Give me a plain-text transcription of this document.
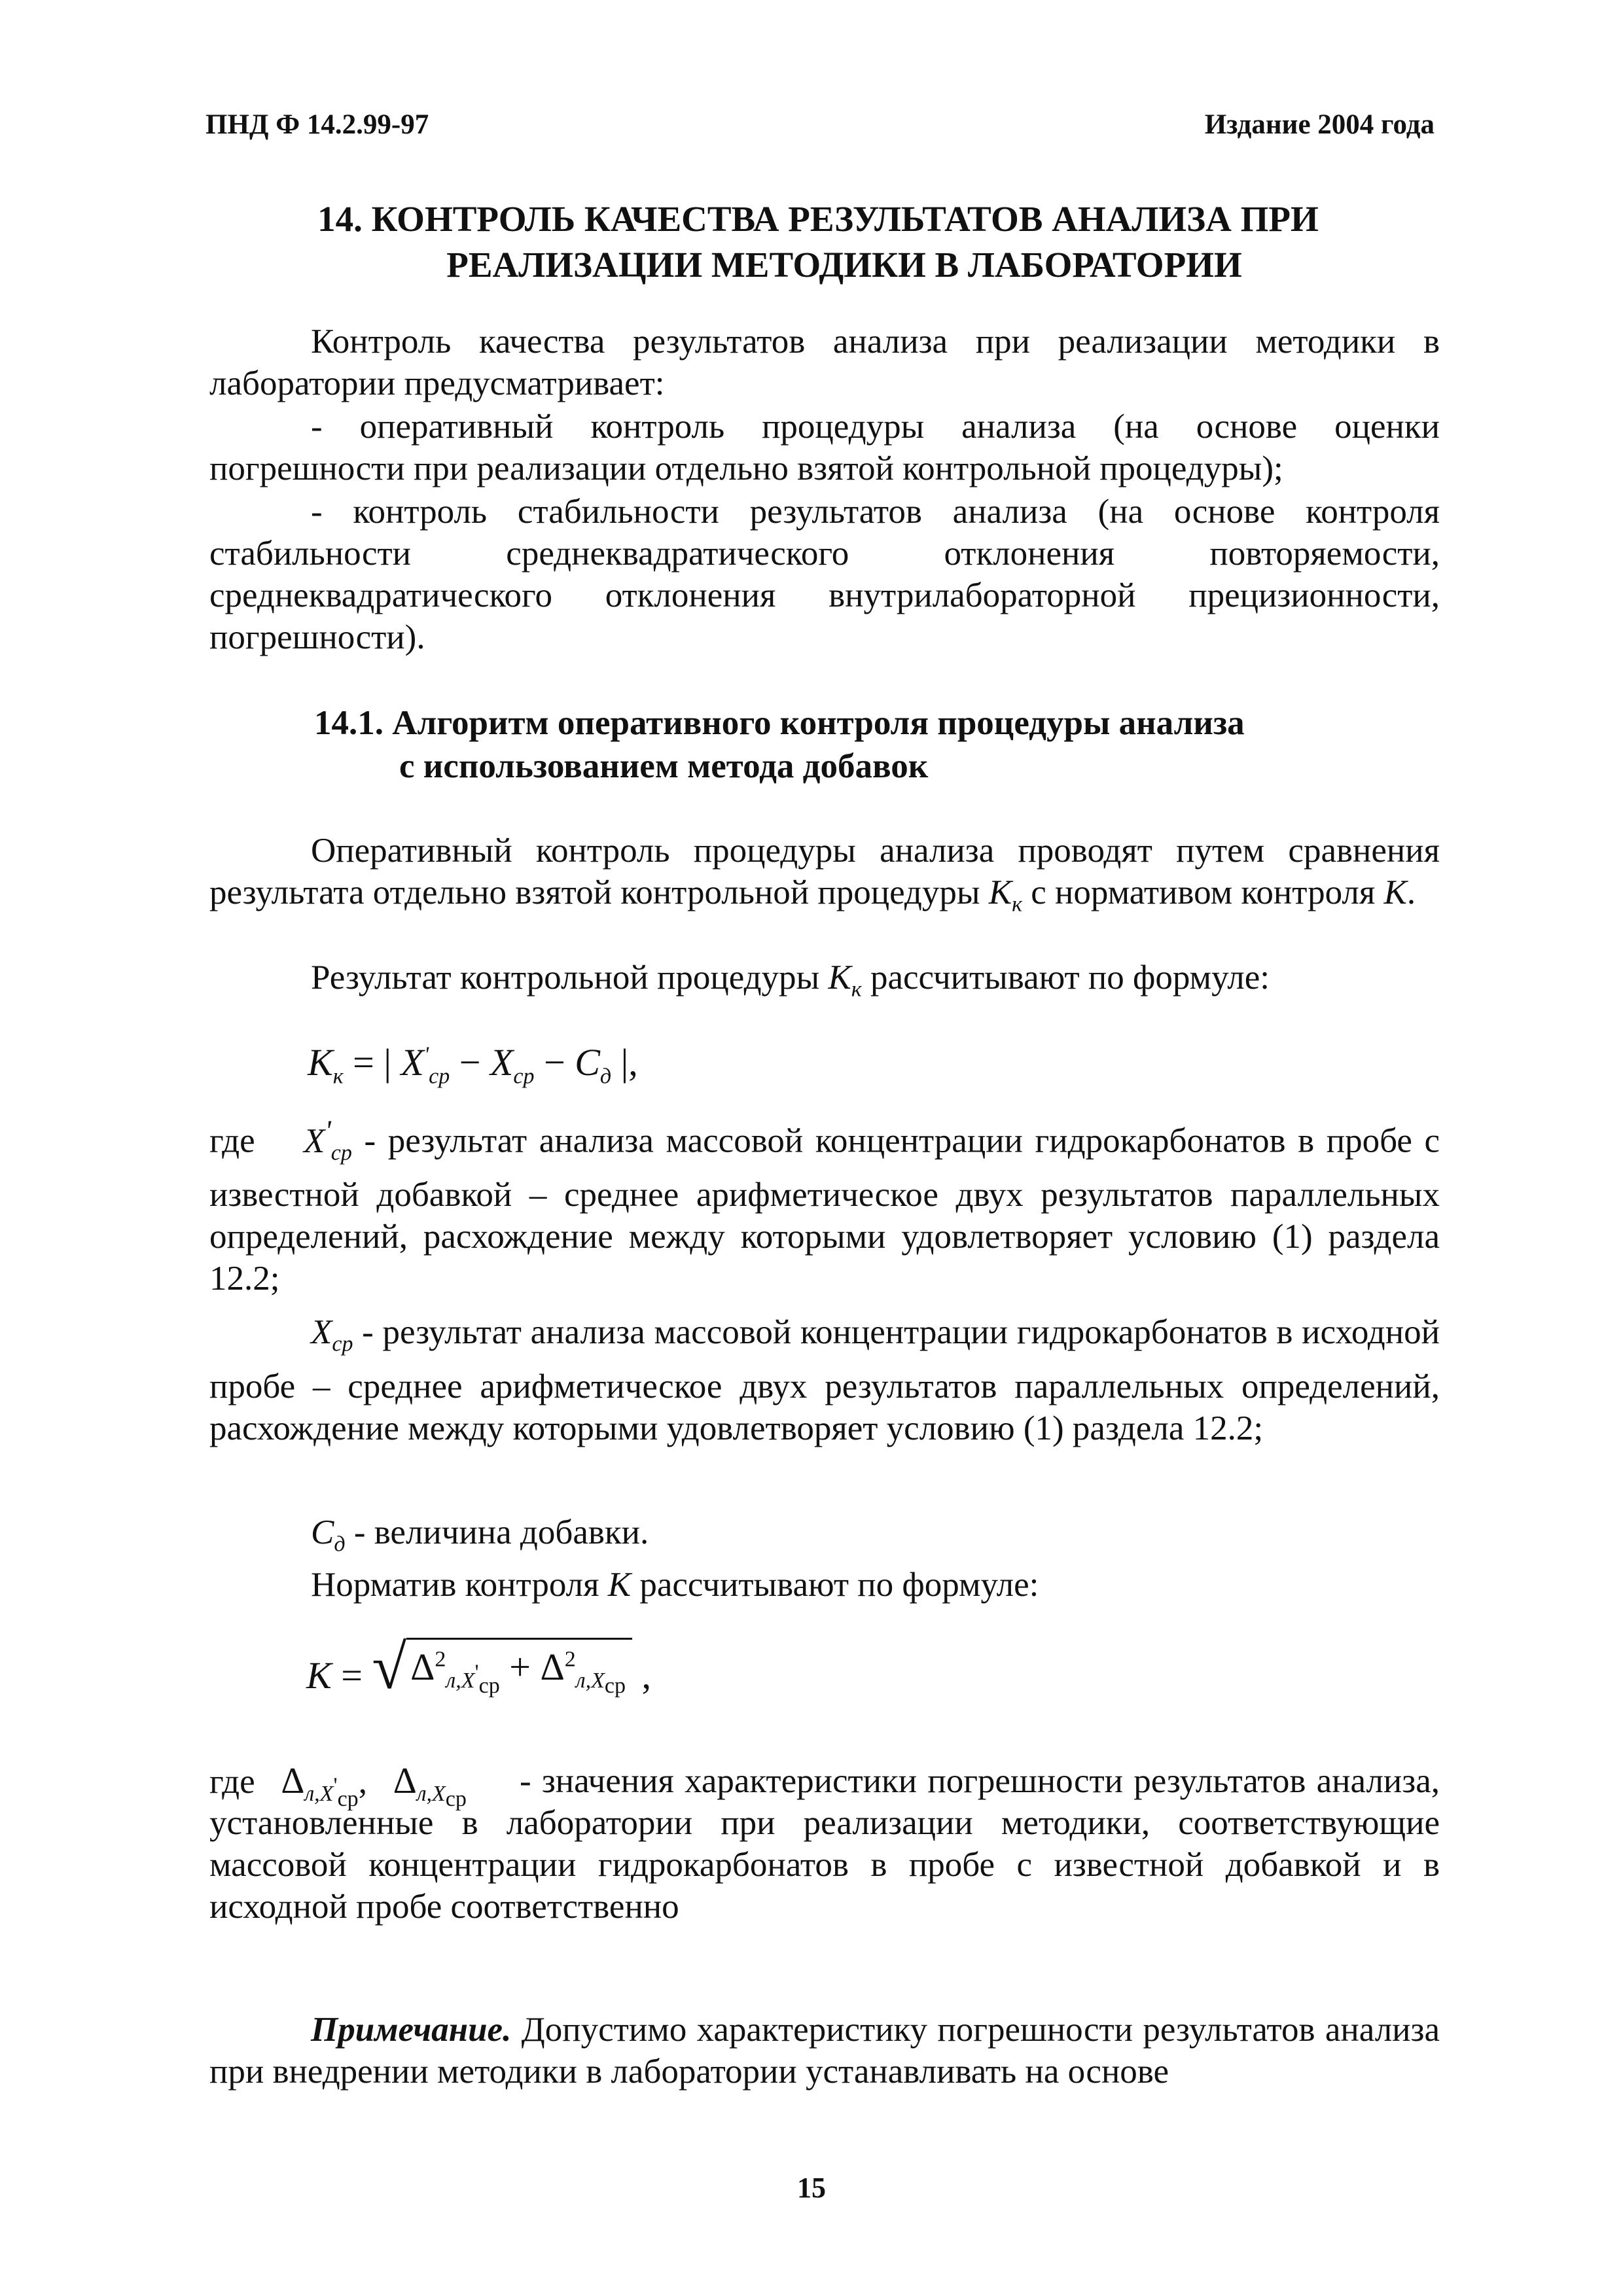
ПНД Ф 14.2.99-97	Издание 2004 года
14. КОНТРОЛЬ КАЧЕСТВА РЕЗУЛЬТАТОВ АНАЛИЗА ПРИ
РЕАЛИЗАЦИИ МЕТОДИКИ В ЛАБОРАТОРИИ

Контроль качества результатов анализа при реализации методики в лаборатории предусматривает:

- оперативный контроль процедуры анализа (на основе оценки погрешности при реализации отдельно взятой контрольной процедуры);

- контроль стабильности результатов анализа (на основе контроля стабильности среднеквадратического отклонения повторяемости, среднеквадратического отклонения внутрилабораторной прецизионности, погрешности).

14.1. Алгоритм оперативного контроля процедуры анализа
с использованием метода добавок

Оперативный контроль процедуры анализа проводят путем сравнения результата отдельно взятой контрольной процедуры $K_к$ с нормативом контроля K.

Результат контрольной процедуры $K_к$ рассчитывают по формуле:

$K_к$ = | $X'_{ср} - X_{ср} - C_д$ |,

где $X'_{ср}$ - результат анализа массовой концентрации гидрокарбонатов в пробе с известной добавкой – среднее арифметическое двух результатов параллельных определений, расхождение между которыми удовлетворяет условию (1) раздела 12.2;

$X_{ср}$ - результат анализа массовой концентрации гидрокарбонатов в исходной пробе – среднее арифметическое двух результатов параллельных определений, расхождение между которыми удовлетворяет условию (1) раздела 12.2;

$C_д$ - величина добавки.

Норматив контроля K рассчитывают по формуле:

K = √ $\Delta^2_{л,X'_{ср}} + \Delta^2_{л,X_{ср}}$ ,
где $\Delta_{л,X'_{ср}}$, $\Delta_{л,X_{ср}}$	- значения характеристики погрешности результатов анализа, установленные в лаборатории при реализации методики, соответствующие массовой концентрации гидрокарбонатов в пробе с известной добавкой и в исходной пробе соответственно

Примечание. Допустимо характеристику погрешности результатов анализа при внедрении методики в лаборатории устанавливать на основе

15
